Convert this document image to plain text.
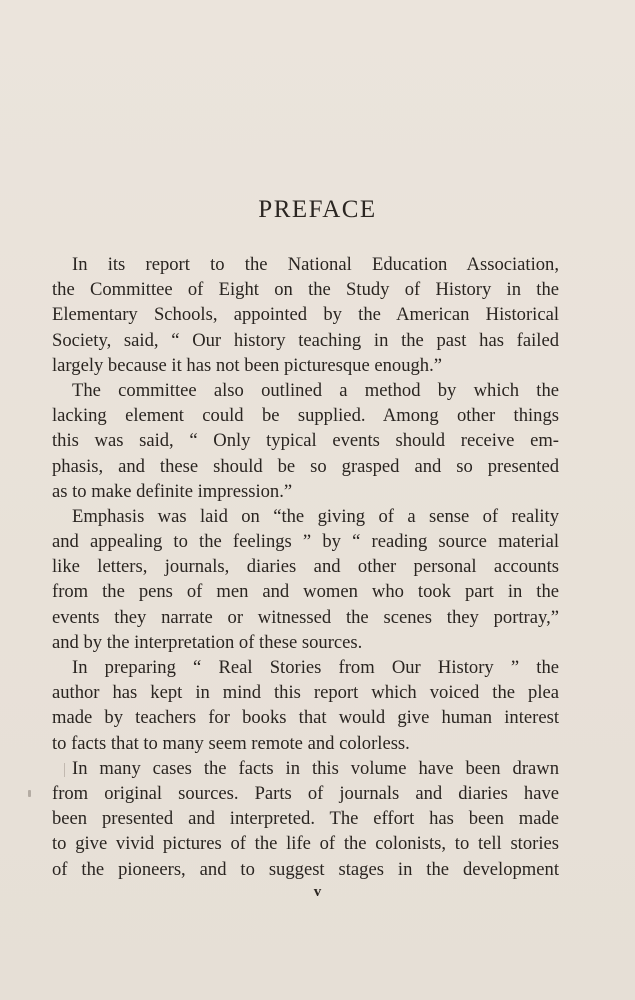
PREFACE
In its report to the National Education Association,
the Committee of Eight on the Study of History in the
Elementary Schools, appointed by the American Historical
Society, said, “ Our history teaching in the past has failed
largely because it has not been picturesque enough.”
The committee also outlined a method by which the
lacking element could be supplied. Among other things
this was said, “ Only typical events should receive em-
phasis, and these should be so grasped and so presented
as to make definite impression.”
Emphasis was laid on “the giving of a sense of reality
and appealing to the feelings ” by “ reading source material
like letters, journals, diaries and other personal accounts
from the pens of men and women who took part in the
events they narrate or witnessed the scenes they portray,”
and by the interpretation of these sources.
In preparing “ Real Stories from Our History ” the
author has kept in mind this report which voiced the plea
made by teachers for books that would give human interest
to facts that to many seem remote and colorless.
In many cases the facts in this volume have been drawn
from original sources. Parts of journals and diaries have
been presented and interpreted. The effort has been made
to give vivid pictures of the life of the colonists, to tell stories
of the pioneers, and to suggest stages in the development
v
